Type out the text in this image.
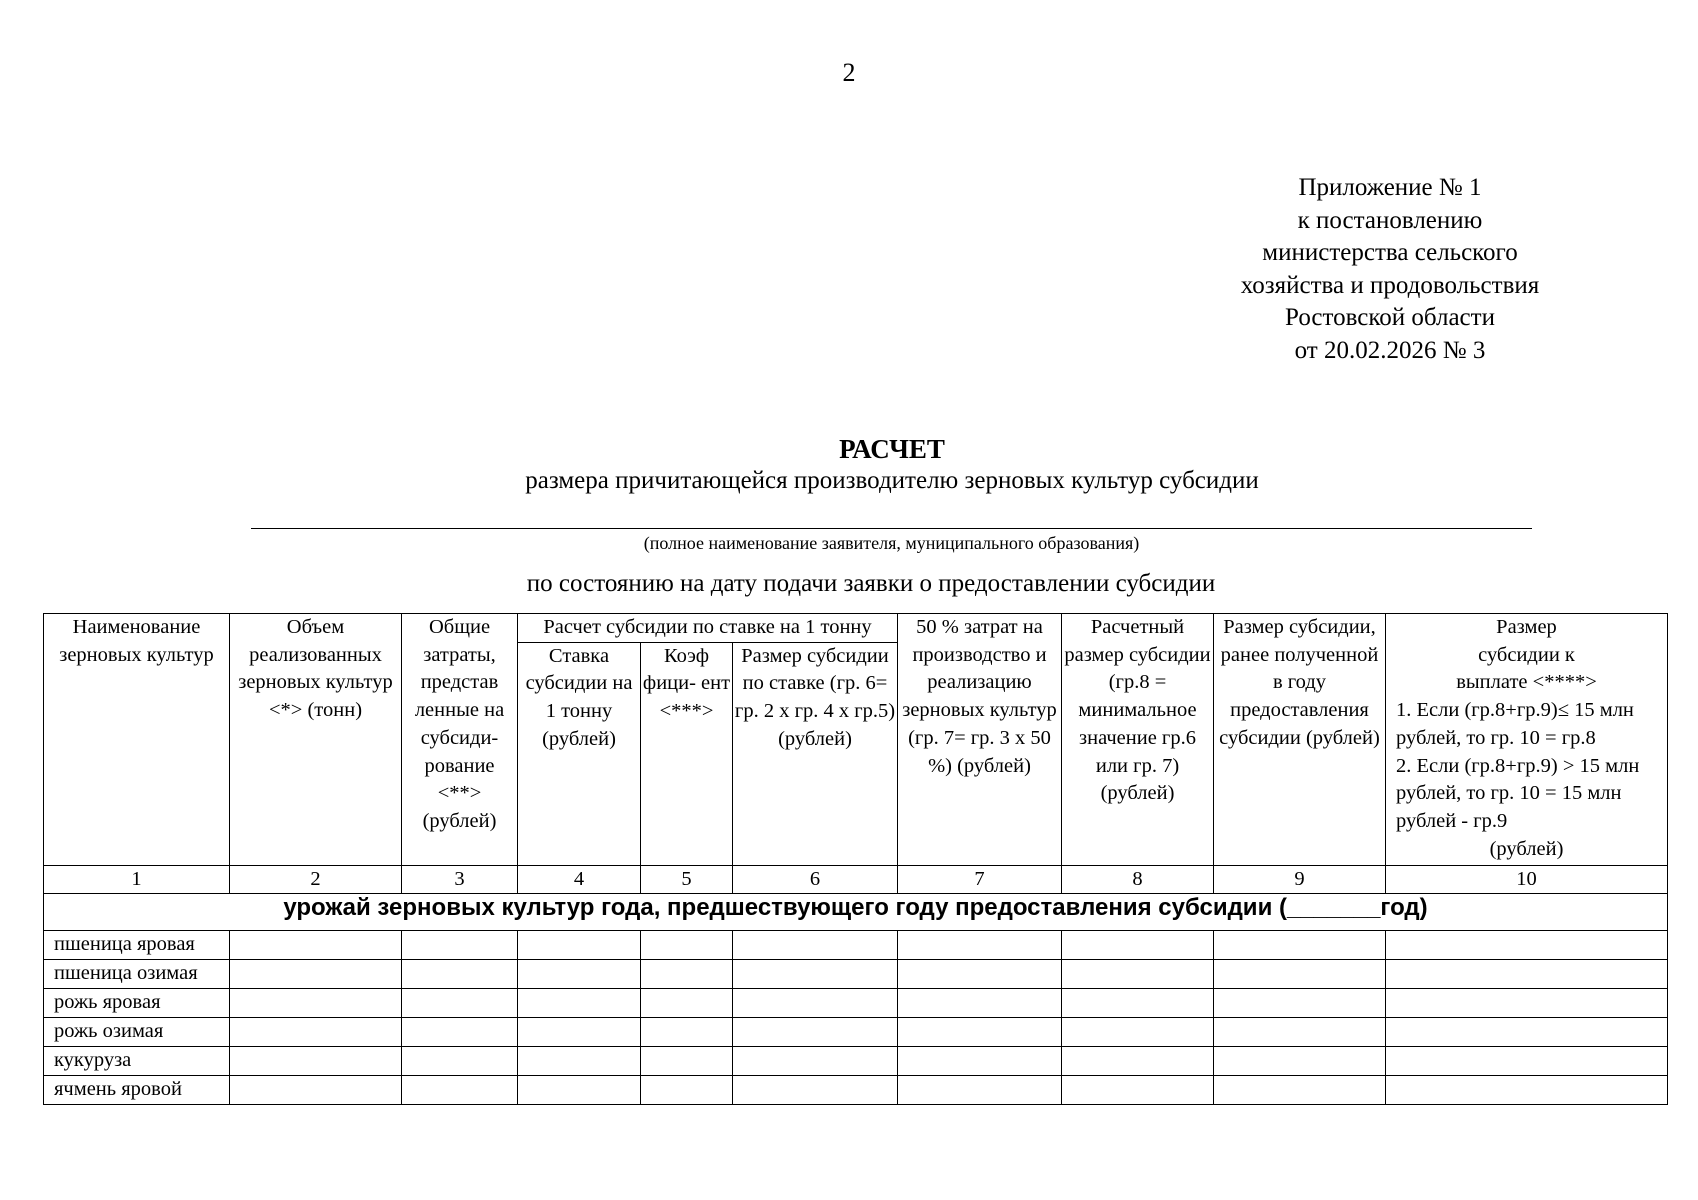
2
Приложение № 1
к постановлению
министерства сельского
хозяйства и продовольствия
Ростовской области
от 20.02.2026 № 3
РАСЧЕТ
размера причитающейся производителю зерновых культур субсидии
(полное наименование заявителя, муниципального образования)
по состоянию на дату подачи заявки о предоставлении субсидии
Наименование зерновых культур	Объем реализованных зерновых культур <*> (тонн)	Общие затраты, представ ленные на субсиди- рование <**> (рублей)	Расчет субсидии по ставке на 1 тонну			50 % затрат на производство и реализацию зерновых культур (гр. 7= гр. 3 х 50 %) (рублей)	Расчетный размер субсидии (гр.8 = минимальное значение гр.6 или гр. 7) (рублей)	Размер субсидии, ранее полученной в году предоставления субсидии (рублей)	Размер субсидии к выплате <****>
1. Если (гр.8+гр.9)≤ 15 млн рублей, то гр. 10 = гр.8
2. Если (гр.8+гр.9) > 15 млн рублей, то гр. 10 = 15 млн рублей - гр.9
(рублей)

			Ставка субсидии на 1 тонну (рублей)	Коэф фици- ент <***>	Размер субсидии по ставке (гр. 6= гр. 2 х гр. 4 х гр.5) (рублей)				
1	2	3	4	5	6	7	8	9	10
урожай зерновых культур года, предшествующего году предоставления субсидии (_______год)									
пшеница яровая									
пшеница озимая									
рожь яровая									
рожь озимая									
кукуруза									
ячмень яровой									
